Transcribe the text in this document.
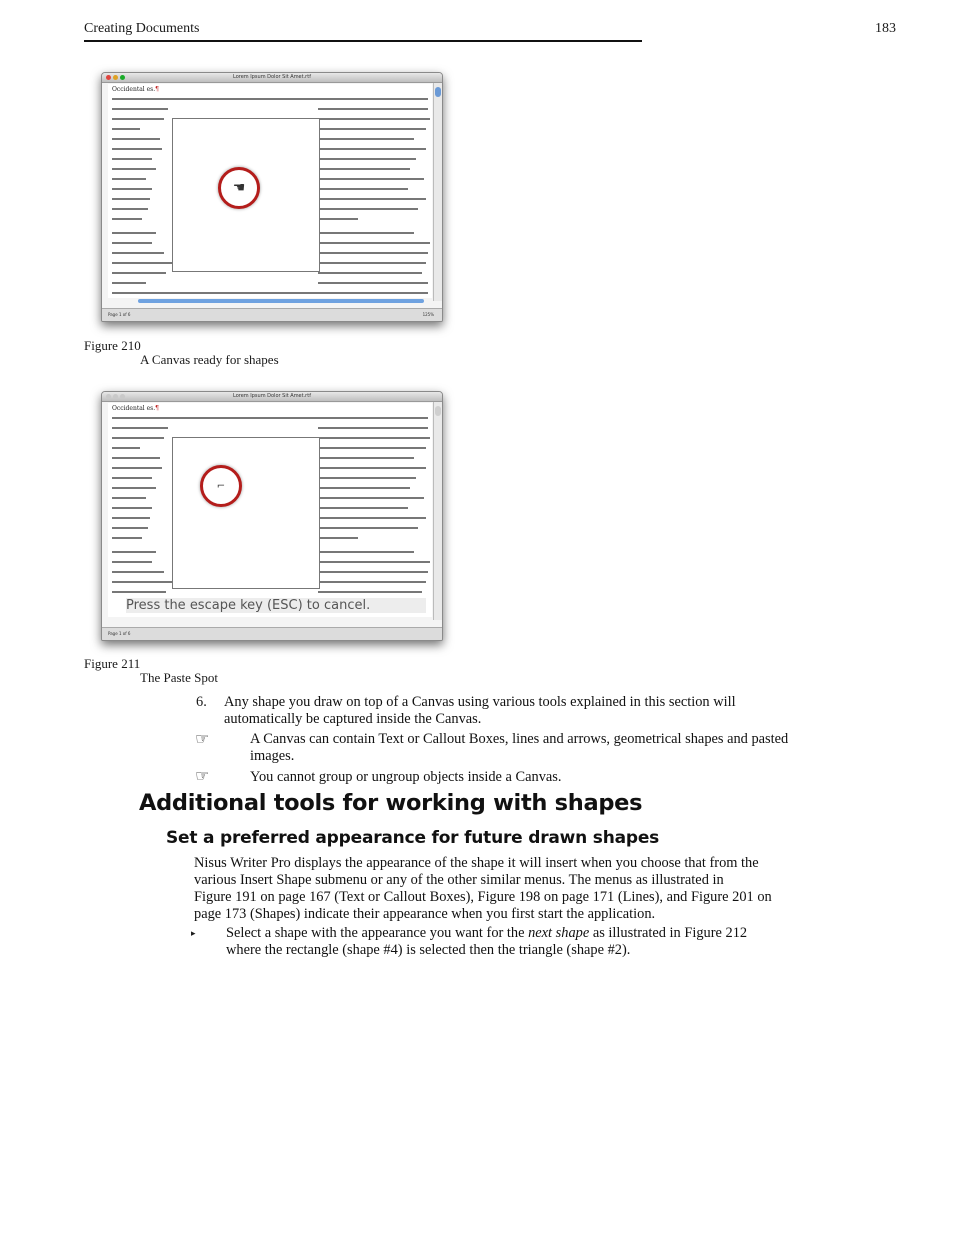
Creating Documents	183
Lorem Ipsum Dolor Sit Amet.rtf
Occidental es.¶
☚
Page 1 of 6	125%
Figure 210
A Canvas ready for shapes
Lorem Ipsum Dolor Sit Amet.rtf
Occidental es.¶
⌐
Press the escape key (ESC) to cancel.
Page 1 of 6
Figure 211
The Paste Spot
6. Any shape you draw on top of a Canvas using various tools explained in this section will
automatically be captured inside the Canvas.
☞	A Canvas can contain Text or Callout Boxes, lines and arrows, geometrical shapes and pasted
images.
☞	You cannot group or ungroup objects inside a Canvas.
Additional tools for working with shapes
Set a preferred appearance for future drawn shapes
Nisus Writer Pro displays the appearance of the shape it will insert when you choose that from the
various Insert Shape submenu or any of the other similar menus. The menus as illustrated in
Figure 191 on page 167 (Text or Callout Boxes), Figure 198 on page 171 (Lines), and Figure 201 on
page 173 (Shapes) indicate their appearance when you first start the application.
▸ Select a shape with the appearance you want for the next shape as illustrated in Figure 212
where the rectangle (shape #4) is selected then the triangle (shape #2).
